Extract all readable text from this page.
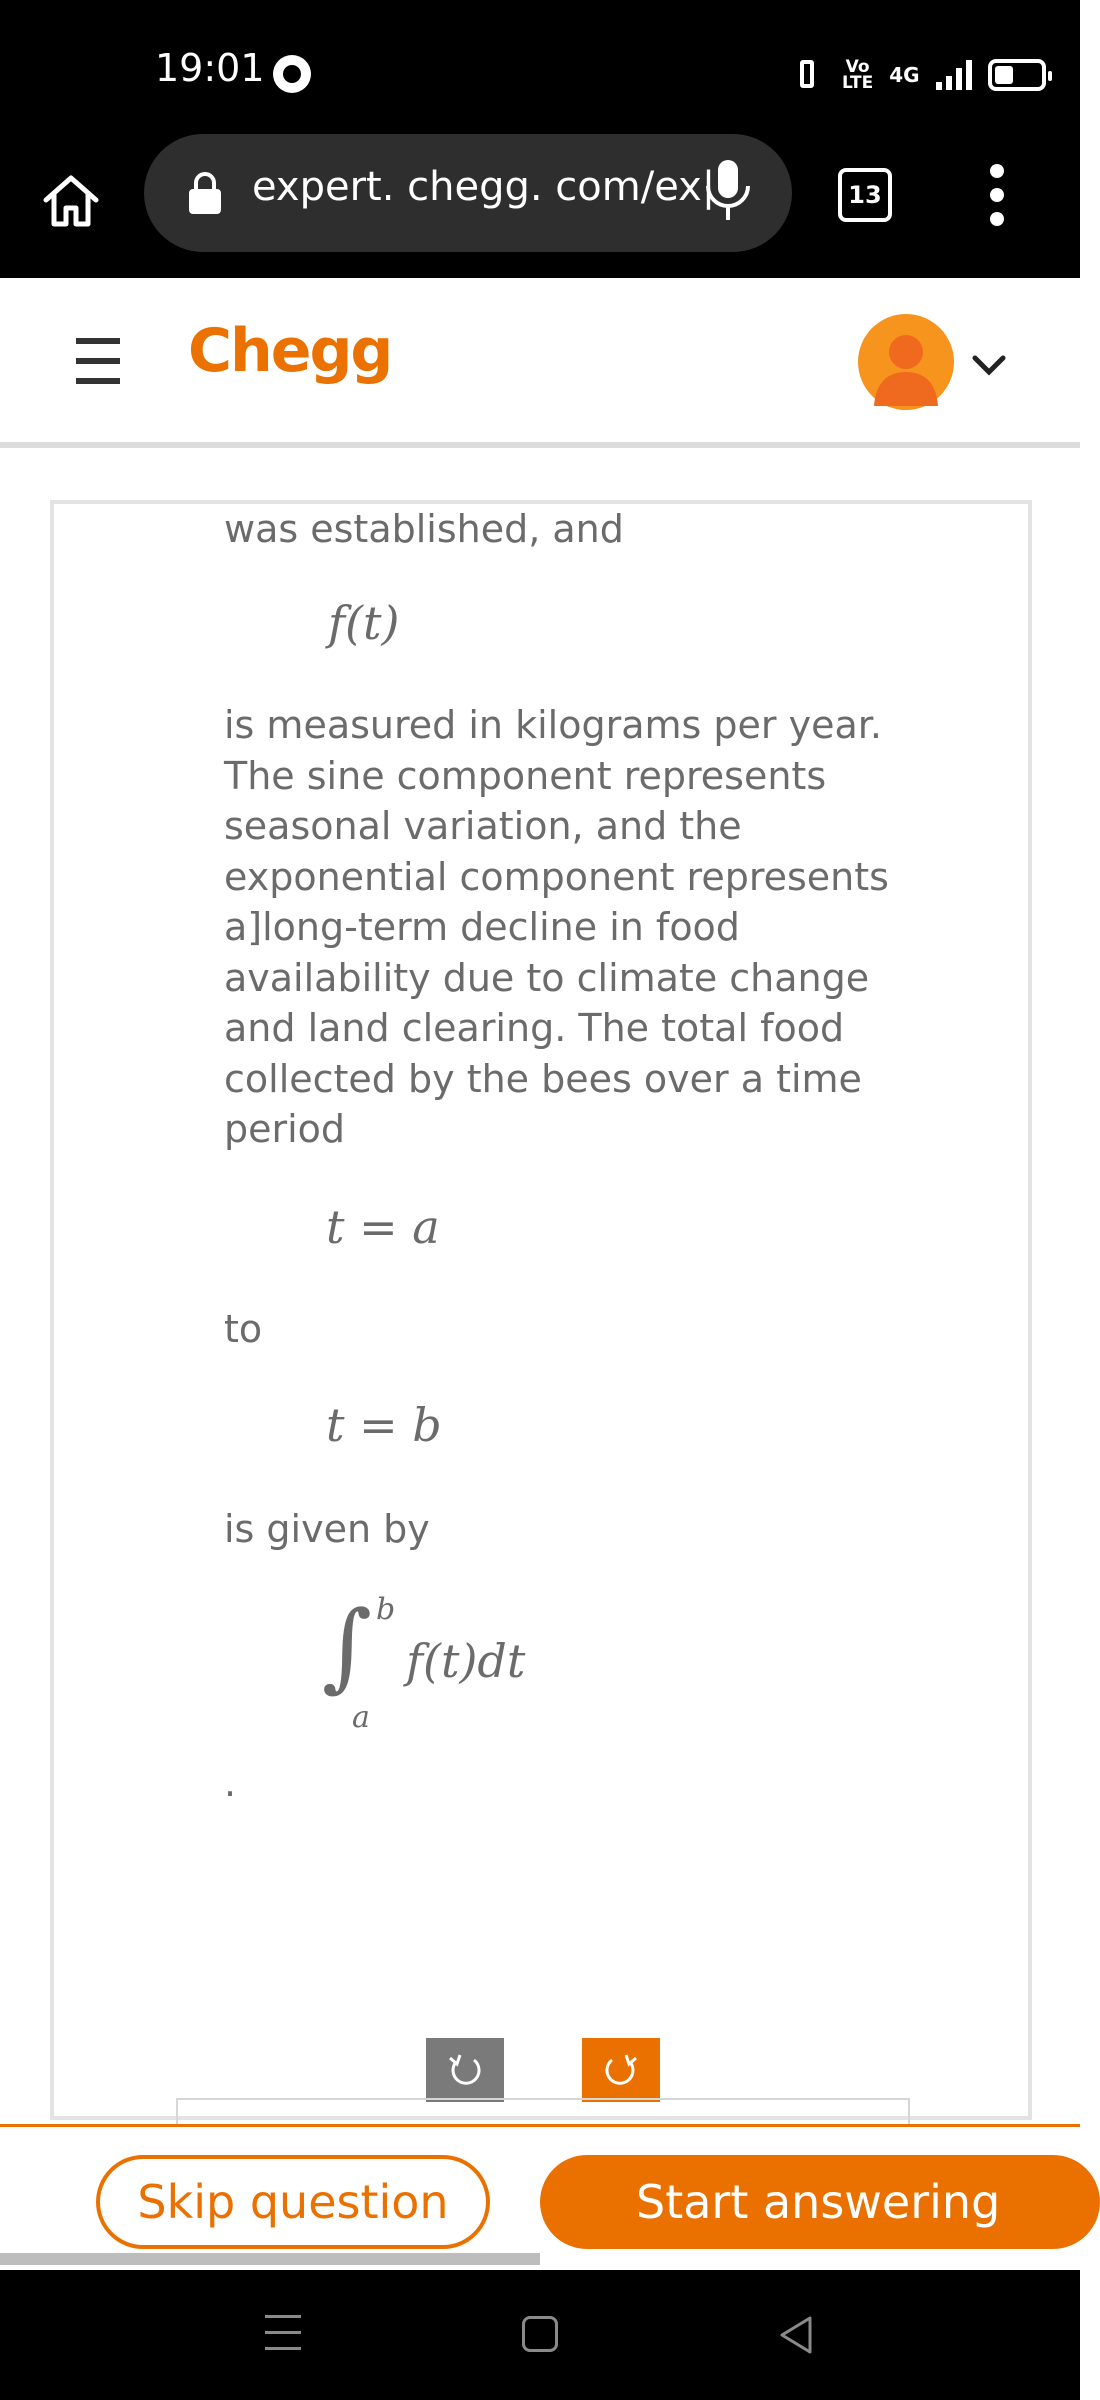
19:01	Vo
LTE 4G
expert. chegg. com/ex|	13
Chegg
was established, and
f(t)
is measured in kilograms per year. The sine component represents seasonal variation, and the exponential component represents a]long-term decline in food availability due to climate change and land clearing. The total food collected by the bees over a time period
t = a
to
t = b
is given by
∫ b
a
f(t)dt
.
Skip question	Start answering
